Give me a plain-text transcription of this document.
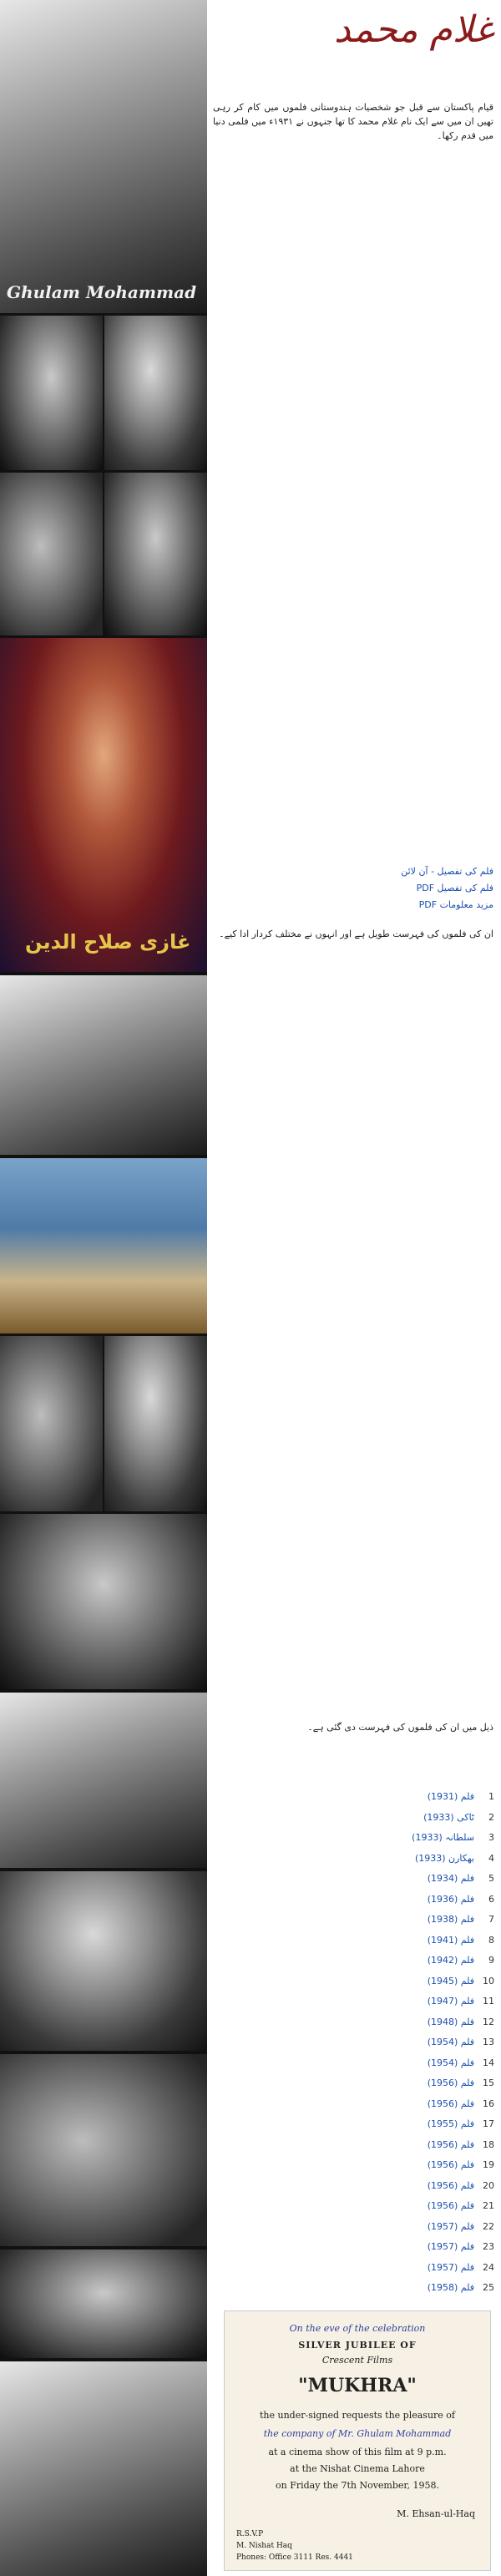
Ghulam Mohammad
غازی صلاح الدین
غلام محمد
قیام پاکستان سے قبل جو شخصیات ہندوستانی فلموں میں کام کر رہی تھیں ان میں سے ایک نام غلام محمد کا تھا جنہوں نے ۱۹۳۱ء میں فلمی دنیا میں قدم رکھا۔
فلم کی تفصیل - آن لائن
فلم کی تفصیل PDF
مزید معلومات PDF
ان کی فلموں کی فہرست طویل ہے اور انہوں نے مختلف کردار ادا کیے۔
ذیل میں ان کی فلموں کی فہرست دی گئی ہے۔
1
فلم (1931)
2
ٹاکی (1933)
3
سلطانہ (1933)
4
بھکارن (1933)
5
فلم (1934)
6
فلم (1936)
7
فلم (1938)
8
فلم (1941)
9
فلم (1942)
10
فلم (1945)
11
فلم (1947)
12
فلم (1948)
13
فلم (1954)
14
فلم (1954)
15
فلم (1956)
16
فلم (1956)
17
فلم (1955)
18
فلم (1956)
19
فلم (1956)
20
فلم (1956)
21
فلم (1956)
22
فلم (1957)
23
فلم (1957)
24
فلم (1957)
25
فلم (1958)
On the eve of the celebration
SILVER JUBILEE OF
Crescent Films
"MUKHRA"
the under-signed requests the pleasure of
the company of Mr. Ghulam Mohammad
at a cinema show of this film at 9 p.m.
at the Nishat Cinema Lahore
on Friday the 7th November, 1958.
M. Ehsan-ul-Haq
R.S.V.P
M. Nishat Haq
Phones: Office 3111 Res. 4441
